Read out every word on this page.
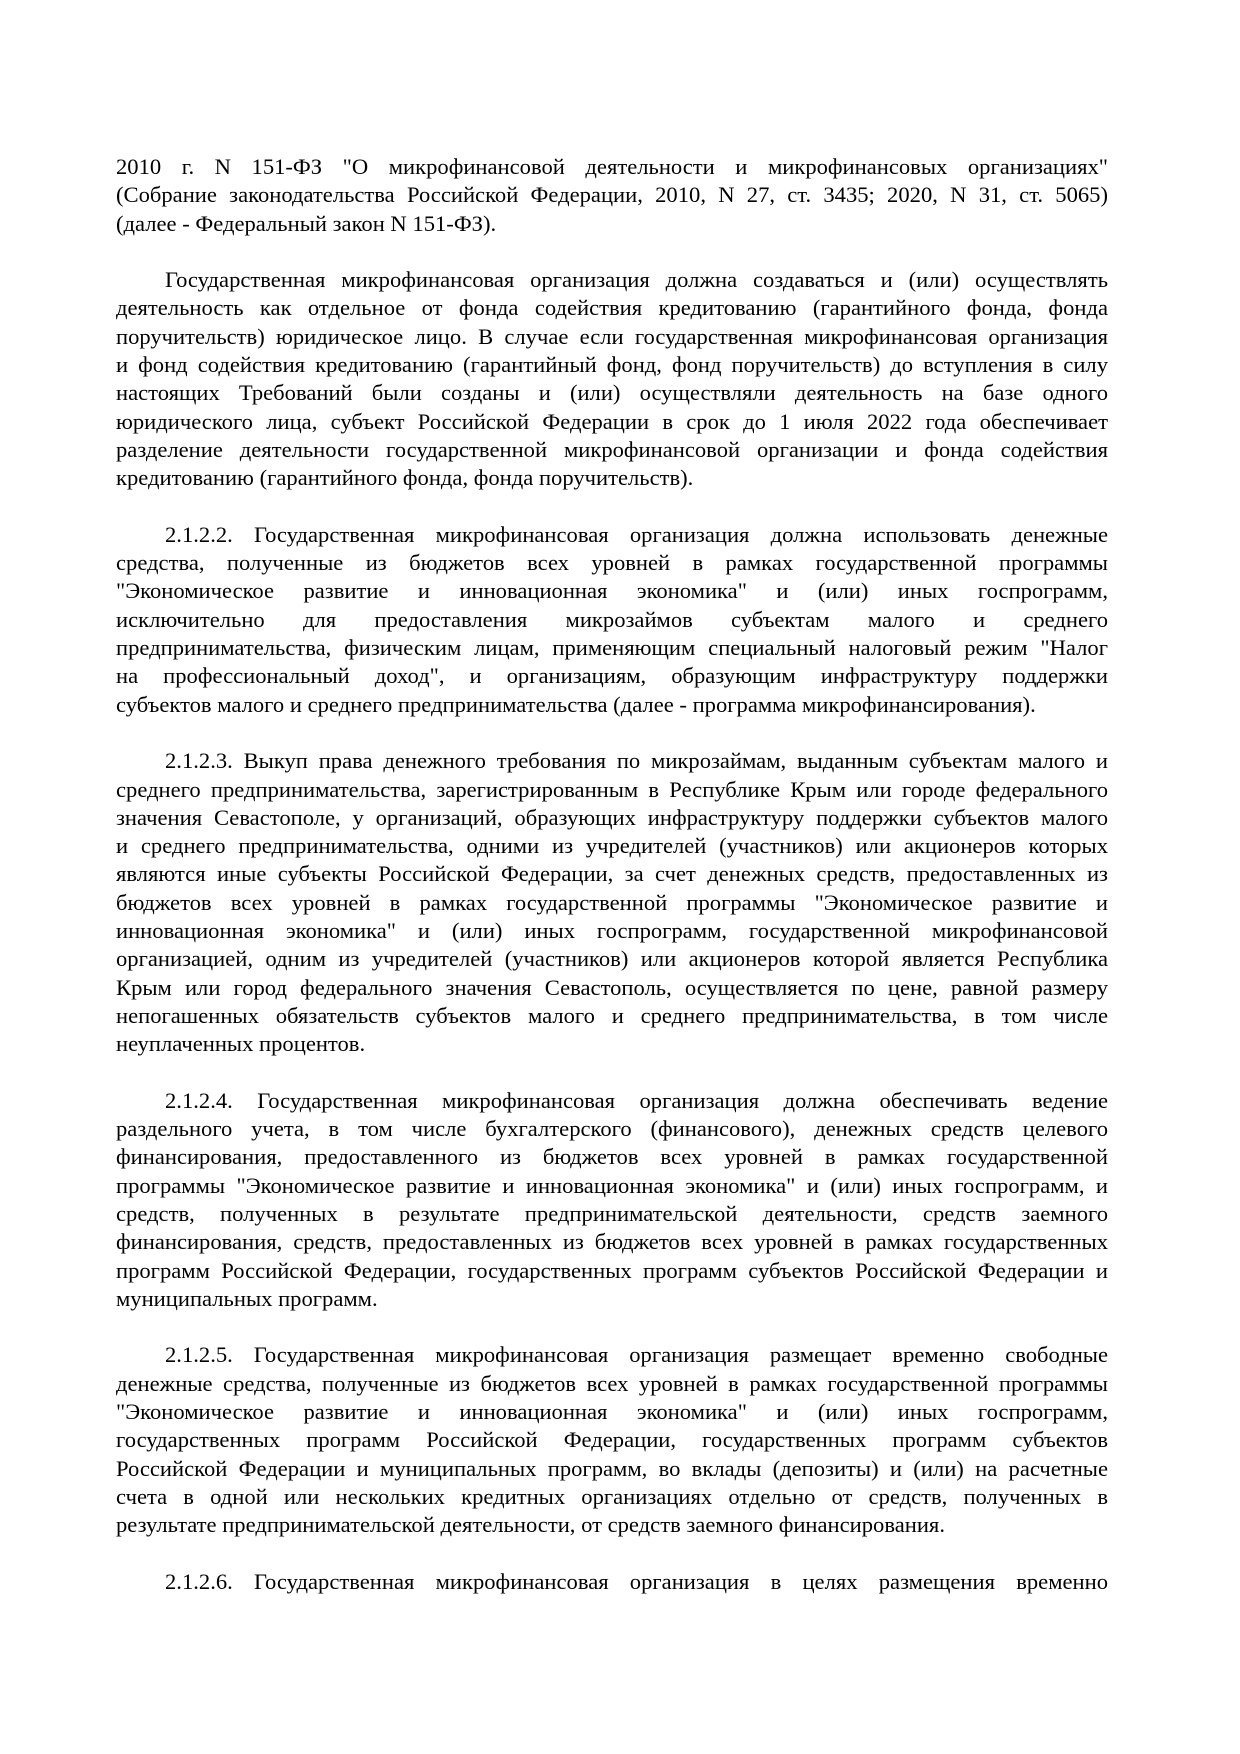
2010 г. N 151-ФЗ "О микрофинансовой деятельности и микрофинансовых организациях"
(Собрание законодательства Российской Федерации, 2010, N 27, ст. 3435; 2020, N 31, ст. 5065)
(далее - Федеральный закон N 151-ФЗ).
Государственная микрофинансовая организация должна создаваться и (или) осуществлять
деятельность как отдельное от фонда содействия кредитованию (гарантийного фонда, фонда
поручительств) юридическое лицо. В случае если государственная микрофинансовая организация
и фонд содействия кредитованию (гарантийный фонд, фонд поручительств) до вступления в силу
настоящих Требований были созданы и (или) осуществляли деятельность на базе одного
юридического лица, субъект Российской Федерации в срок до 1 июля 2022 года обеспечивает
разделение деятельности государственной микрофинансовой организации и фонда содействия
кредитованию (гарантийного фонда, фонда поручительств).
2.1.2.2. Государственная микрофинансовая организация должна использовать денежные
средства, полученные из бюджетов всех уровней в рамках государственной программы
"Экономическое развитие и инновационная экономика" и (или) иных госпрограмм,
исключительно для предоставления микрозаймов субъектам малого и среднего
предпринимательства, физическим лицам, применяющим специальный налоговый режим "Налог
на профессиональный доход", и организациям, образующим инфраструктуру поддержки
субъектов малого и среднего предпринимательства (далее - программа микрофинансирования).
2.1.2.3. Выкуп права денежного требования по микрозаймам, выданным субъектам малого и
среднего предпринимательства, зарегистрированным в Республике Крым или городе федерального
значения Севастополе, у организаций, образующих инфраструктуру поддержки субъектов малого
и среднего предпринимательства, одними из учредителей (участников) или акционеров которых
являются иные субъекты Российской Федерации, за счет денежных средств, предоставленных из
бюджетов всех уровней в рамках государственной программы "Экономическое развитие и
инновационная экономика" и (или) иных госпрограмм, государственной микрофинансовой
организацией, одним из учредителей (участников) или акционеров которой является Республика
Крым или город федерального значения Севастополь, осуществляется по цене, равной размеру
непогашенных обязательств субъектов малого и среднего предпринимательства, в том числе
неуплаченных процентов.
2.1.2.4. Государственная микрофинансовая организация должна обеспечивать ведение
раздельного учета, в том числе бухгалтерского (финансового), денежных средств целевого
финансирования, предоставленного из бюджетов всех уровней в рамках государственной
программы "Экономическое развитие и инновационная экономика" и (или) иных госпрограмм, и
средств, полученных в результате предпринимательской деятельности, средств заемного
финансирования, средств, предоставленных из бюджетов всех уровней в рамках государственных
программ Российской Федерации, государственных программ субъектов Российской Федерации и
муниципальных программ.
2.1.2.5. Государственная микрофинансовая организация размещает временно свободные
денежные средства, полученные из бюджетов всех уровней в рамках государственной программы
"Экономическое развитие и инновационная экономика" и (или) иных госпрограмм,
государственных программ Российской Федерации, государственных программ субъектов
Российской Федерации и муниципальных программ, во вклады (депозиты) и (или) на расчетные
счета в одной или нескольких кредитных организациях отдельно от средств, полученных в
результате предпринимательской деятельности, от средств заемного финансирования.
2.1.2.6. Государственная микрофинансовая организация в целях размещения временно
